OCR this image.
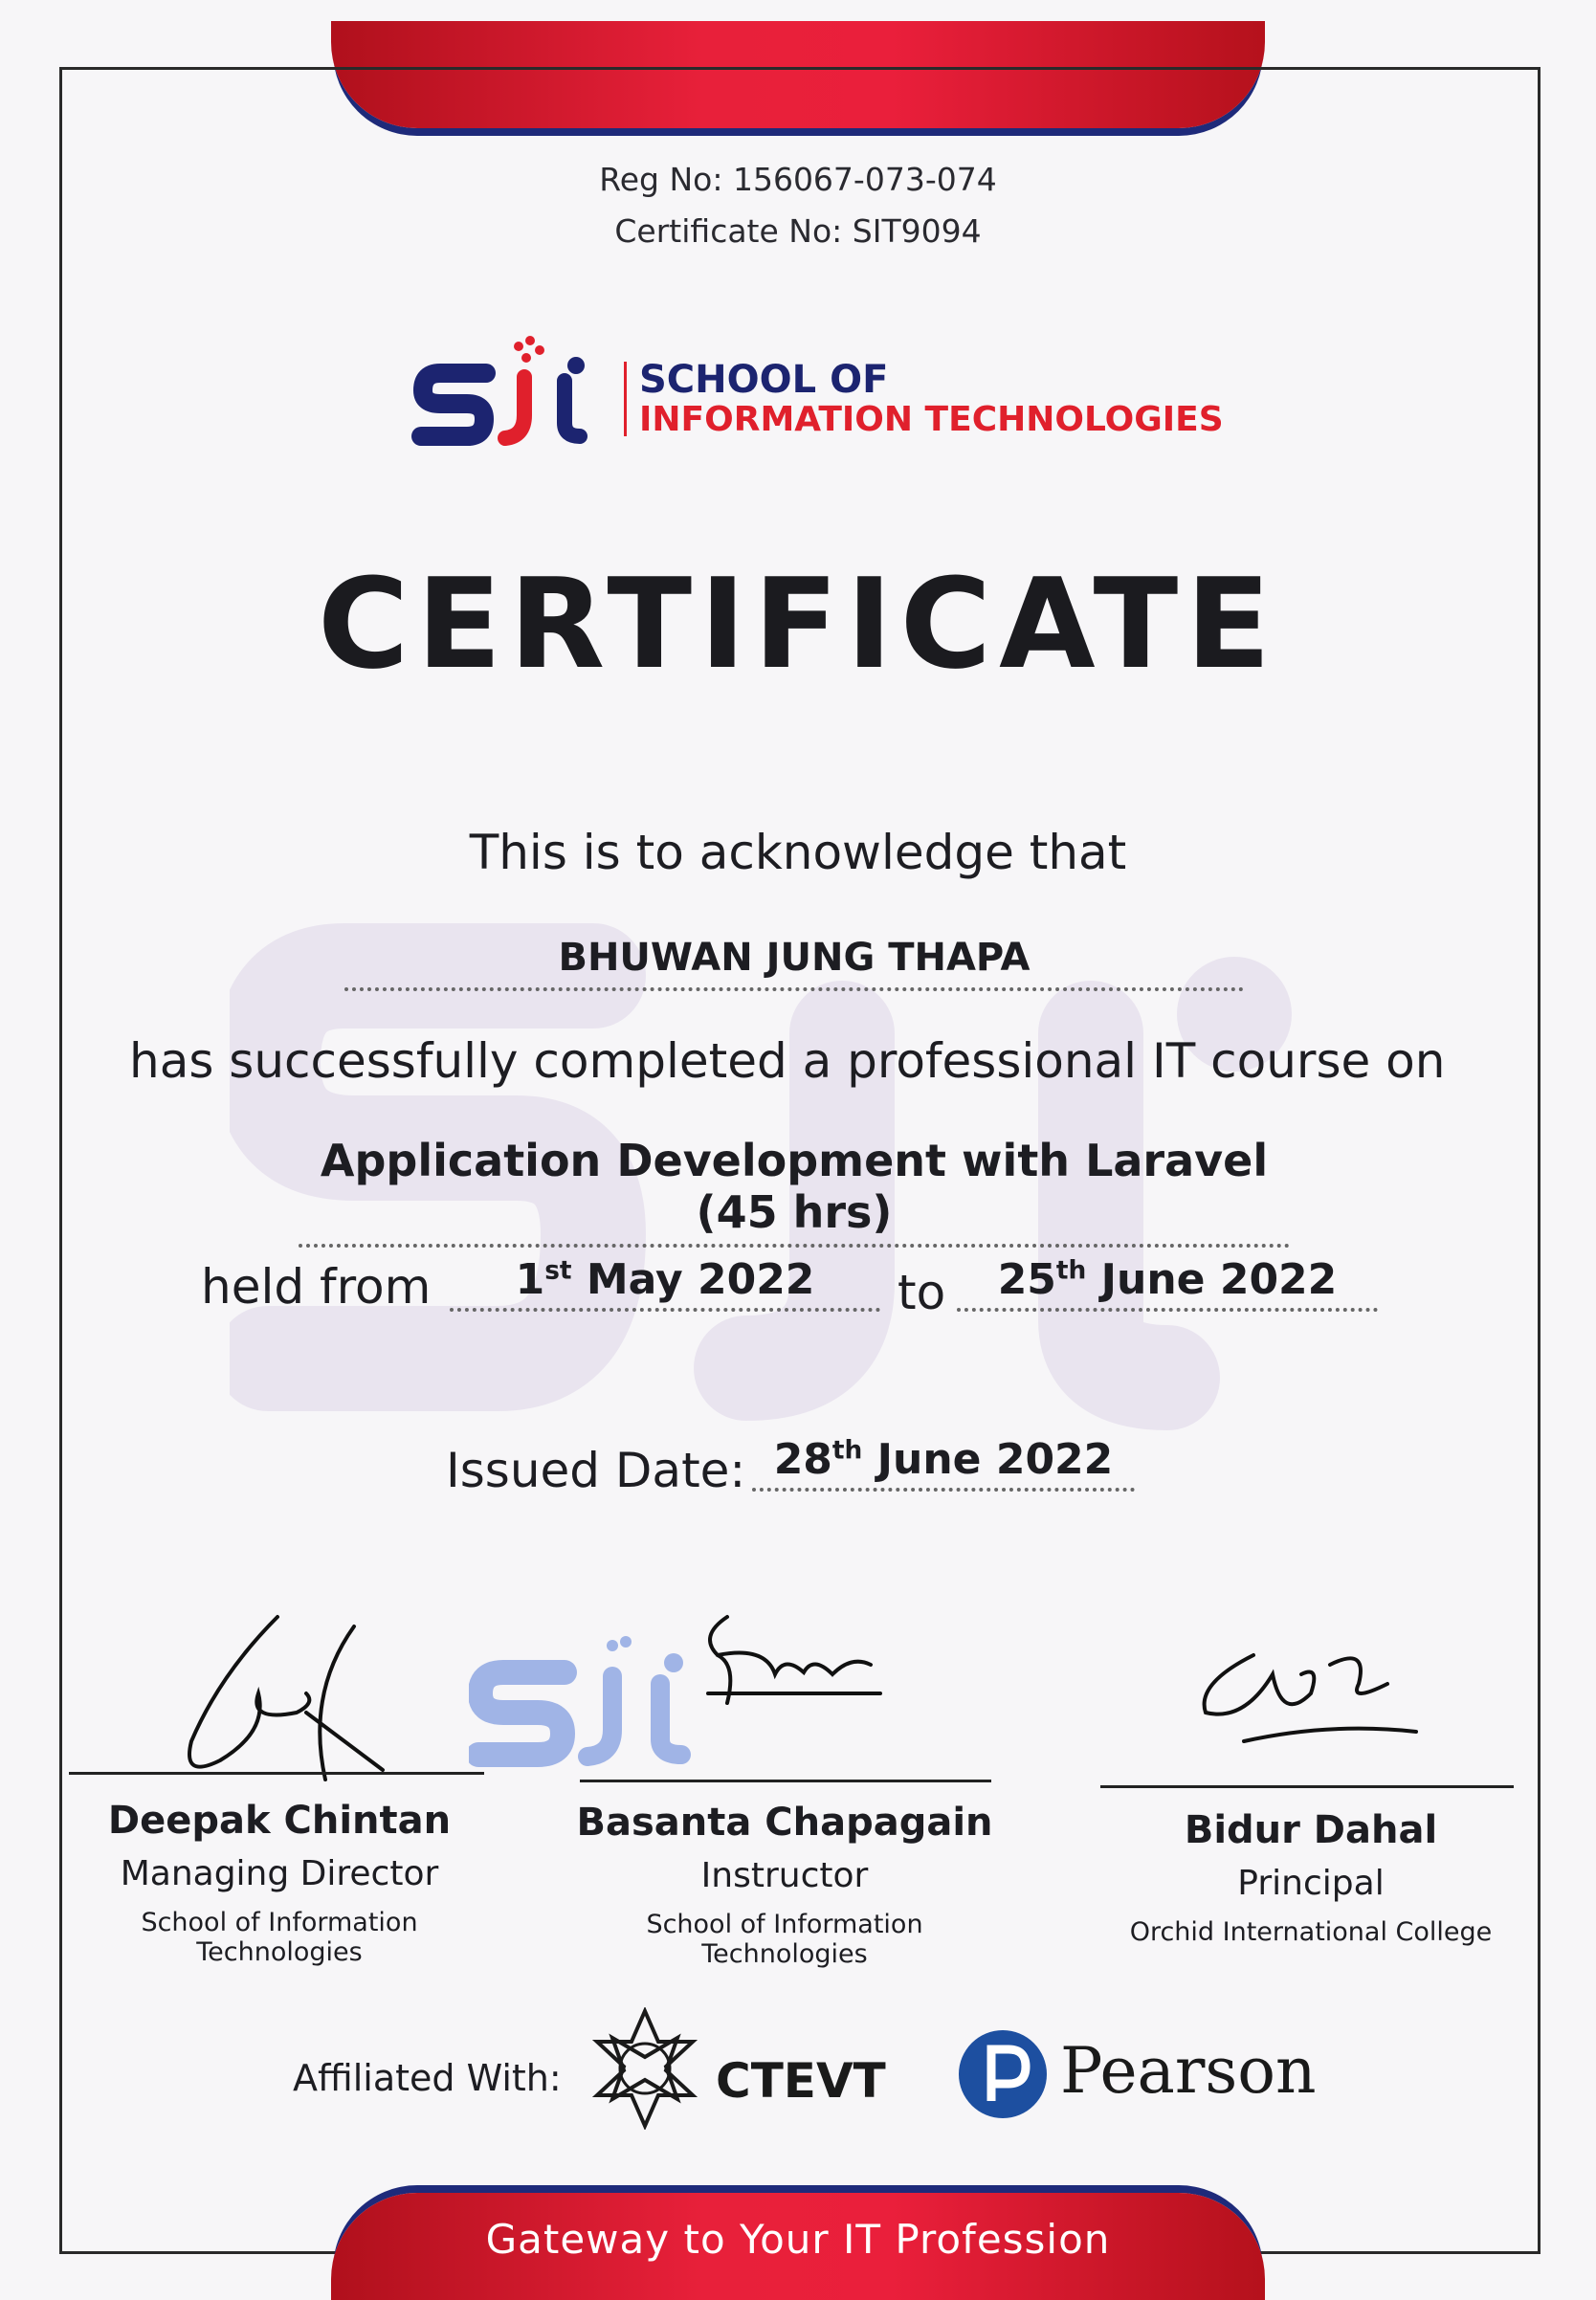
Reg No: 156067-073-074
Certificate No: SIT9094
SCHOOL OF
INFORMATION TECHNOLOGIES
CERTIFICATE
This is to acknowledge that
BHUWAN JUNG THAPA
has successfully completed a professional IT course on
Application Development with Laravel (45 hrs)
held from	1st May 2022	to	25th June 2022
Issued Date: 28th June 2022
Deepak Chintan
Managing Director
School of Information Technologies
Basanta Chapagain
Instructor
School of Information Technologies
Bidur Dahal
Principal
Orchid International College
Affiliated With:	CTEVT	Pearson
Gateway to Your IT Profession
